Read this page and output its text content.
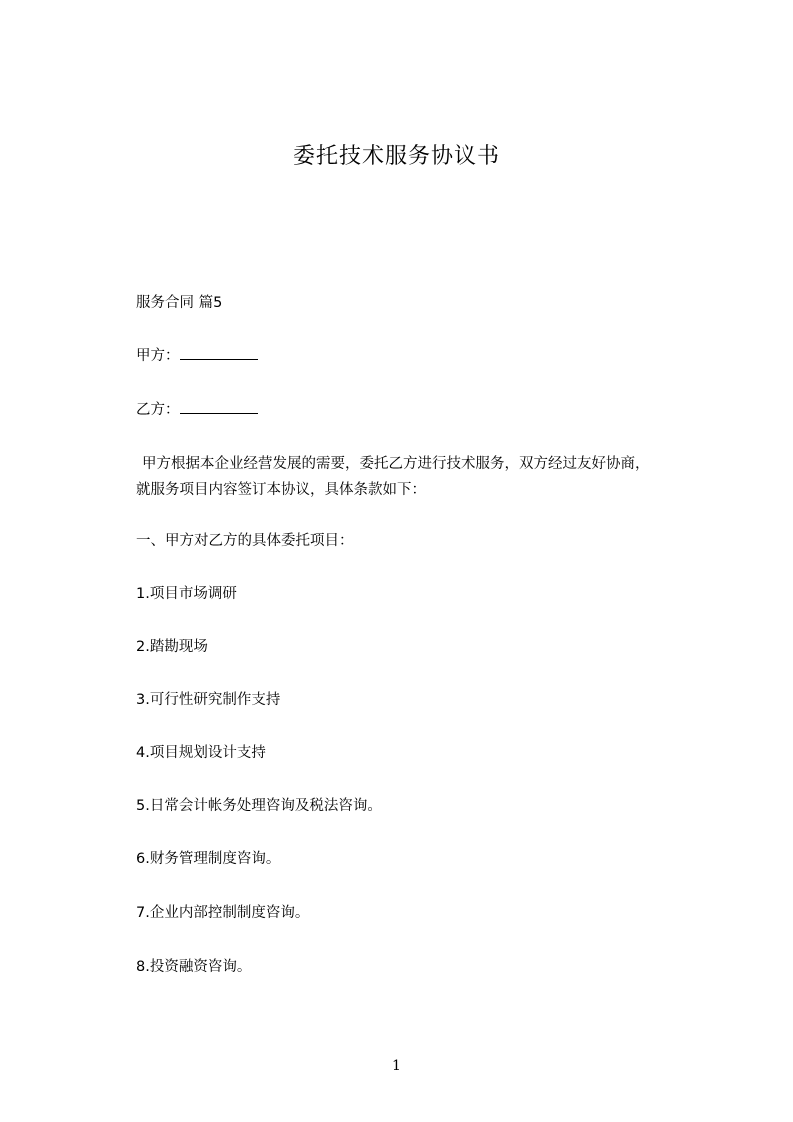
委托技术服务协议书
服务合同 篇5
甲方：
乙方：
甲方根据本企业经营发展的需要，委托乙方进行技术服务，双方经过友好协商，
就服务项目内容签订本协议，具体条款如下：
一、甲方对乙方的具体委托项目：
1.项目市场调研
2.踏勘现场
3.可行性研究制作支持
4.项目规划设计支持
5.日常会计帐务处理咨询及税法咨询。
6.财务管理制度咨询。
7.企业内部控制制度咨询。
8.投资融资咨询。
1
